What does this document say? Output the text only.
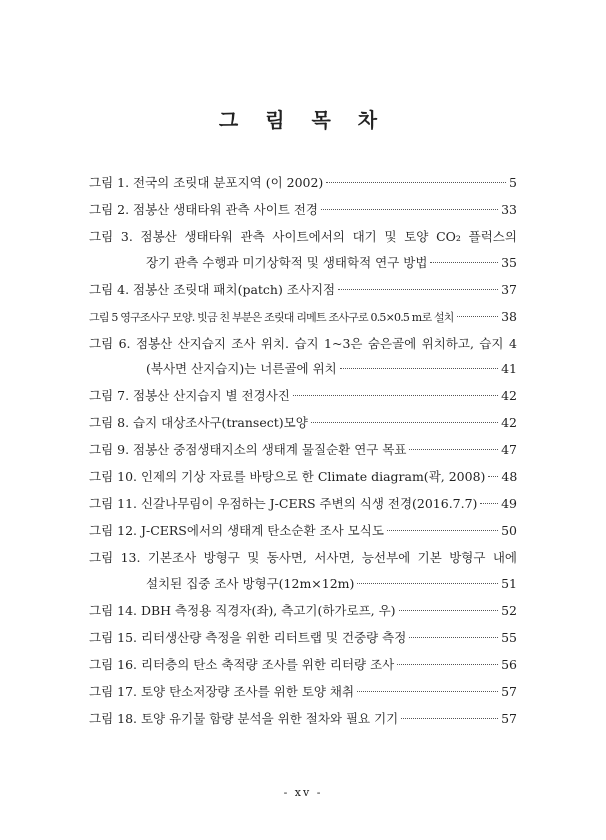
그 림 목 차
그림 1. 전국의 조릿대 분포지역 (이 2002)	5
그림 2. 점봉산 생태타워 관측 사이트 전경	33
그림 3. 점봉산 생태타워 관측 사이트에서의 대기 및 토양 CO₂ 플럭스의
장기 관측 수행과 미기상학적 및 생태학적 연구 방법	35
그림 4. 점봉산 조릿대 패치(patch) 조사지점	37
그림 5 영구조사구 모양. 빗금 친 부분은 조릿대 리메트 조사구로 0.5×0.5 m로 설치	38
그림 6. 점봉산 산지습지 조사 위치. 습지 1~3은 숨은골에 위치하고, 습지 4
(북사면 산지습지)는 너른골에 위치	41
그림 7. 점봉산 산지습지 별 전경사진	42
그림 8. 습지 대상조사구(transect)모양	42
그림 9. 점봉산 중점생태지소의 생태계 물질순환 연구 목표	47
그림 10. 인제의 기상 자료를 바탕으로 한 Climate diagram(곽, 2008) 48
그림 11. 신갈나무림이 우점하는 J-CERS 주변의 식생 전경(2016.7.7) 49
그림 12. J-CERS에서의 생태계 탄소순환 조사 모식도	50
그림 13. 기본조사 방형구 및 동사면, 서사면, 능선부에 기본 방형구 내에
설치된 집중 조사 방형구(12m×12m)	51
그림 14. DBH 측정용 직경자(좌), 측고기(하가로프, 우)	52
그림 15. 리터생산량 측정을 위한 리터트랩 및 건중량 측정	55
그림 16. 리터층의 탄소 축적량 조사를 위한 리터량 조사	56
그림 17. 토양 탄소저장량 조사를 위한 토양 채취	57
그림 18. 토양 유기물 함량 분석을 위한 절차와 필요 기기	57
- xv -
